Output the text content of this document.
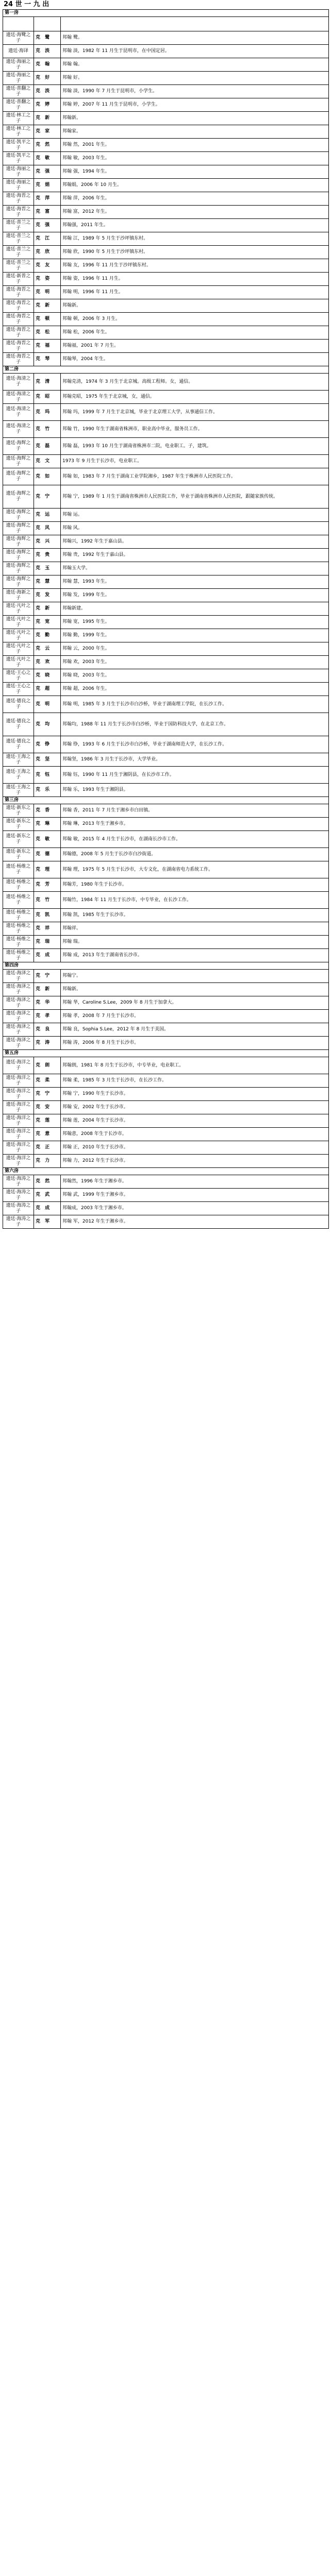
24 世 一 九 出
第一房		

遗廷·海鹭之子	克 鹭	邦翰 鹭。
遗廷·海译	克 淡	邦翰 淡，1982 年 11 月生于昆明市，在中国定居。
遗廷·海丽之子	克 翰	邦翰 翰。
遗廷·海丽之子	克 好	邦翰 好。
遗廷·普翻之子	克 淡	邦翰 淡，1990 年 7 月生于昆明市，小学生。
遗廷·普翻之子	克 婷	邦翰 婷，2007 年 11 月生于昆明市，小学生。
遗廷·林工之子	克 新	邦翰新。
遗廷·林工之子	克 家	邦翰家。
遗廷·凯平之子	克 然	邦翰 然，2001 年生。
遗廷·凯平之子	克 敏	邦翰 敏，2003 年生。
遗廷·海丽之子	克 强	邦翰 强，1994 年生。
遗廷·海丽之子	克 娟	邦翰娟，2006 年 10 月生。
遗廷·海晋之子	克 萍	邦翰 萍，2006 年生。
遗廷·海晋之子	克 富	邦翰 富，2012 年生。
遗廷·普兰之子	克 强	邦翰强，2011 年生。
遗廷·普兰之子	克 江	邦翰 江，1989 年 5 月生于沙坪镇东村。
遗廷·普兰之子	克 欣	邦翰 欣，1990 年 5 月生于沙坪镇东村。
遗廷·普兰之子	克 友	邦翰 友，1996 年 11 月生于沙坪镇东村。
遗廷·新普之子	克 姿	邦翰 姿，1996 年 11 月生。
遗廷·海晋之子	克 明	邦翰 明，1996 年 11 月生。
遗廷·海晋之子	克 新	邦翰新。
遗廷·海晋之子	克 顿	邦翰 顿，2006 年 3 月生。
遗廷·海晋之子	克 松	邦翰 松，2006 年生。
遗廷·海晋之子	克 福	邦翰福，2001 年 7 月生。
遗廷·海晋之子	克 琴	邦翰琴，2004 年生。
第二房		
遗廷·海清之子	克 清	邦翰克清，1974 年 3 月生于北京城。高级工程师。女，通信。
遗廷·海清之子	克 昭	邦翰克昭，1975 年生于北京城，女，通信。
遗廷·海清之子	克 玛	邦翰 玛，1999 年 7 月生于北京城，毕业于北京理工大学，从事通信工作。
遗廷·海清之子	克 竹	邦翰 竹，1990 年生于湖南省株洲市，职业高中毕业，服务员工作。
遗廷·海辉之子	克 磊	邦翰 磊，1993 年 10 月生于湖南省株洲市二院，电业职工。子，建筑。
遗廷·海辉之子	克 文	1973 年 9 月生于长沙市，电业职工。
遗廷·海辉之子	克 如	邦翰 如，1983 年 7 月生于湖南工业学院湘乡，1987 年生于株洲市人民医院工作。
遗廷·海辉之子	克 宁	邦翰 宁，1989 年 1 月生于湖南省株洲市人民医院工作，毕业于湖南省株洲市人民医院，跟随家族传统。
遗廷·海辉之子	克 运	邦翰 运。
遗廷·海辉之子	克 风	邦翰 风。
遗廷·海辉之子	克 兴	邦翰兴，1992 年生于嘉山县。
遗廷·海辉之子	克 贵	邦翰 贵，1992 年生于嘉山县。
遗廷·海辉之子	克 玉	邦翰玉大学。
遗廷·海辉之子	克 慧	邦翰 慧，1993 年生。
遗廷·海新之子	克 发	邦翰 发，1999 年生。
遗廷·凡叶之子	克 新	邦翰新建。
遗廷·凡叶之子	克 宽	邦翰 宽，1995 年生。
遗廷·凡叶之子	克 勤	邦翰 勤，1999 年生。
遗廷·凡叶之子	克 云	邦翰 云，2000 年生。
遗廷·凡叶之子	克 欢	邦翰 欢，2003 年生。
遗廷·王心之子	克 晓	邦翰 晓，2003 年生。
遗廷·王心之子	克 超	邦翰 超，2006 年生。
遗廷·德良之子	克 明	邦翰 明，1985 年 3 月生于长沙市白沙桥，毕业于湖南理工学院，在长沙工作。
遗廷·德良之子	克 均	邦翰均，1988 年 11 月生于长沙市白沙桥，毕业于国防科技大学，在北京工作。
遗廷·德良之子	克 铮	邦翰 铮，1993 年 6 月生于长沙市白沙桥，毕业于湖南师范大学，在长沙工作。
遗廷·王海之子	克 坚	邦翰坚，1986 年 3 月生于长沙市，大学毕业。
遗廷·王海之子	克 钰	邦翰 钰，1990 年 11 月生于湘阴县，在长沙市工作。
遗廷·王海之子	克 乐	邦翰 乐，1993 年生于湘阴县。
第三房		
遗廷·新东之子	克 香	邦翰 香，2011 年 7 月生于湘乡市白田镇。
遗廷·新东之子	克 琳	邦翰 琳，2013 年生于湘乡市。
遗廷·新东之子	克 敏	邦翰 敏，2015 年 4 月生于长沙市，在湖南长沙市工作。
遗廷·新东之子	克 德	邦翰德，2008 年 5 月生于长沙市白沙街道。
遗廷·杨维之子	克 理	邦翰 理，1975 年 5 月生于长沙市，大专文化，在湖南省电力系统工作。
遗廷·杨维之子	克 芳	邦翰芳，1980 年生于长沙市。
遗廷·杨维之子	克 竹	邦翰竹，1984 年 11 月生于长沙市，中专毕业，在长沙工作。
遗廷·杨维之子	克 凯	邦翰 凯，1985 年生于长沙市。
遗廷·杨维之子	克 祥	邦翰祥。
遗廷·杨维之子	克 瑞	邦翰 瑞。
遗廷·杨维之子	克 成	邦翰 成，2013 年生于湖南省长沙市。
第四房		
遗廷·海泽之子	克 宁	邦翰宁。
遗廷·海泽之子	克 新	邦翰新。
遗廷·海泽之子	克 华	邦翰 华，Caroline S.Lee，2009 年 8 月生于加拿大。
遗廷·海泽之子	克 孝	邦翰 孝，2008 年 7 月生于长沙市。
遗廷·海泽之子	克 良	邦翰 良，Sophia S.Lee，2012 年 8 月生于美国。
遗廷·海泽之子	克 涛	邦翰 涛，2006 年 8 月生于长沙市。
第五房		
遗廷·海洋之子	克 朗	邦翰朗，1981 年 8 月生于长沙市，中专毕业，电业职工。
遗廷·海洋之子	克 柔	邦翰 柔，1985 年 3 月生于长沙市，在长沙工作。
遗廷·海洋之子	克 宁	邦翰 宁，1990 年生于长沙市。
遗廷·海洋之子	克 安	邦翰 安，2002 年生于长沙市。
遗廷·海洋之子	克 莲	邦翰 莲，2004 年生于长沙市。
遗廷·海洋之子	克 意	邦翰意，2008 年生于长沙市。
遗廷·海洋之子	克 正	邦翰 正，2010 年生于长沙市。
遗廷·海洋之子	克 力	邦翰 力，2012 年生于长沙市。
第六房		
遗廷·海涛之子	克 然	邦翰然，1996 年生于湘乡市。
遗廷·海涛之子	克 武	邦翰 武，1999 年生于湘乡市。
遗廷·海涛之子	克 成	邦翰成，2003 年生于湘乡市。
遗廷·海涛之子	克 军	邦翰 军，2012 年生于湘乡市。
